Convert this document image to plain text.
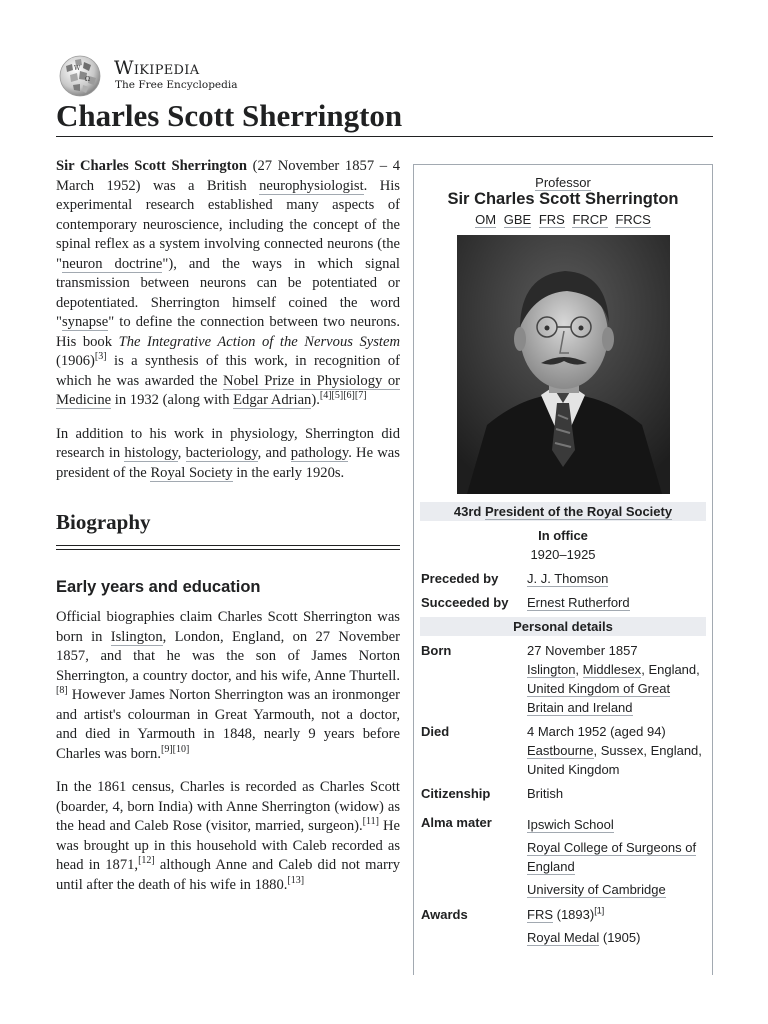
W
Ω
Wikipedia
The Free Encyclopedia
Charles Scott Sherrington

Sir Charles Scott Sherrington (27 November 1857 – 4 March 1952) was a British neurophysiologist. His experimental research established many aspects of contemporary neuroscience, including the concept of the spinal reflex as a system involving connected neurons (the "neuron doctrine"), and the ways in which signal transmission between neurons can be potentiated or depotentiated. Sherrington himself coined the word "synapse" to define the connection between two neurons. His book The Integrative Action of the Nervous System (1906)[3] is a synthesis of this work, in recognition of which he was awarded the Nobel Prize in Physiology or Medicine in 1932 (along with Edgar Adrian).[4][5][6][7]

In addition to his work in physiology, Sherrington did research in histology, bacteriology, and pathology. He was president of the Royal Society in the early 1920s.

Biography
Early years and education

Official biographies claim Charles Scott Sherrington was born in Islington, London, England, on 27 November 1857, and that he was the son of James Norton Sherrington, a country doctor, and his wife, Anne Thurtell.[8] However James Norton Sherrington was an ironmonger and artist's colourman in Great Yarmouth, not a doctor, and died in Yarmouth in 1848, nearly 9 years before Charles was born.[9][10]

In the 1861 census, Charles is recorded as Charles Scott (boarder, 4, born India) with Anne Sherrington (widow) as the head and Caleb Rose (visitor, married, surgeon).[11] He was brought up in this household with Caleb recorded as head in 1871,[12] although Anne and Caleb did not marry until after the death of his wife in 1880.[13]

Professor
Sir Charles Scott Sherrington
OM GBE FRS FRCP FRCS
43rd President of the Royal Society
In office
1920–1925
Preceded by	J. J. Thomson
Succeeded by	Ernest Rutherford
Personal details
Born	27 November 1857
Islington, Middlesex, England, United Kingdom of Great Britain and Ireland
Died	4 March 1952 (aged 94)
Eastbourne, Sussex, England, United Kingdom
Citizenship	British
Alma mater	Ipswich School
Royal College of Surgeons of England
University of Cambridge
Awards	FRS (1893)[1]
Royal Medal (1905)
